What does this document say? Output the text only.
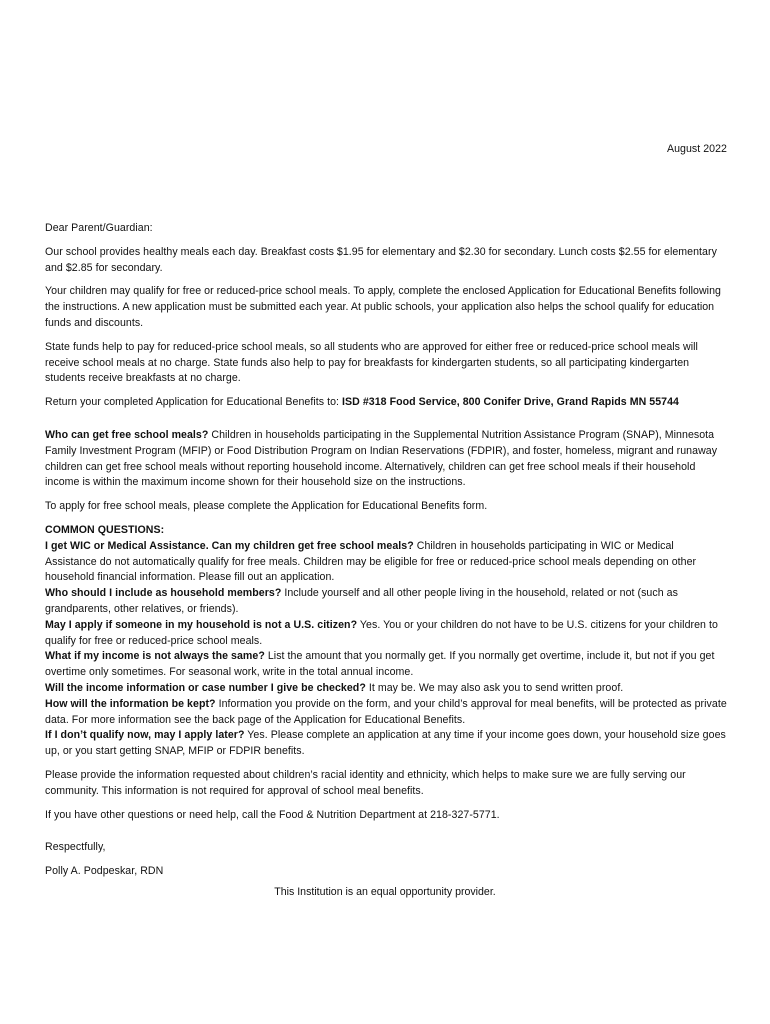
August 2022

Dear Parent/Guardian:

Our school provides healthy meals each day. Breakfast costs $1.95 for elementary and $2.30 for secondary. Lunch costs $2.55 for elementary and $2.85 for secondary.

Your children may qualify for free or reduced-price school meals. To apply, complete the enclosed Application for Educational Benefits following the instructions. A new application must be submitted each year. At public schools, your application also helps the school qualify for education funds and discounts.

State funds help to pay for reduced-price school meals, so all students who are approved for either free or reduced-price school meals will receive school meals at no charge. State funds also help to pay for breakfasts for kindergarten students, so all participating kindergarten students receive breakfasts at no charge.

Return your completed Application for Educational Benefits to: ISD #318 Food Service, 800 Conifer Drive, Grand Rapids MN 55744

Who can get free school meals? Children in households participating in the Supplemental Nutrition Assistance Program (SNAP), Minnesota Family Investment Program (MFIP) or Food Distribution Program on Indian Reservations (FDPIR), and foster, homeless, migrant and runaway children can get free school meals without reporting household income. Alternatively, children can get free school meals if their household income is within the maximum income shown for their household size on the instructions.

To apply for free school meals, please complete the Application for Educational Benefits form.

COMMON QUESTIONS:
I get WIC or Medical Assistance. Can my children get free school meals? Children in households participating in WIC or Medical Assistance do not automatically qualify for free meals. Children may be eligible for free or reduced-price school meals depending on other household financial information. Please fill out an application.
Who should I include as household members? Include yourself and all other people living in the household, related or not (such as grandparents, other relatives, or friends).
May I apply if someone in my household is not a U.S. citizen? Yes. You or your children do not have to be U.S. citizens for your children to qualify for free or reduced-price school meals.
What if my income is not always the same? List the amount that you normally get. If you normally get overtime, include it, but not if you get overtime only sometimes. For seasonal work, write in the total annual income.
Will the income information or case number I give be checked? It may be. We may also ask you to send written proof.
How will the information be kept? Information you provide on the form, and your child’s approval for meal benefits, will be protected as private data. For more information see the back page of the Application for Educational Benefits.
If I don’t qualify now, may I apply later? Yes. Please complete an application at any time if your income goes down, your household size goes up, or you start getting SNAP, MFIP or FDPIR benefits.

Please provide the information requested about children’s racial identity and ethnicity, which helps to make sure we are fully serving our community. This information is not required for approval of school meal benefits.

If you have other questions or need help, call the Food & Nutrition Department at 218-327-5771.

Respectfully,

Polly A. Podpeskar, RDN

This Institution is an equal opportunity provider.
